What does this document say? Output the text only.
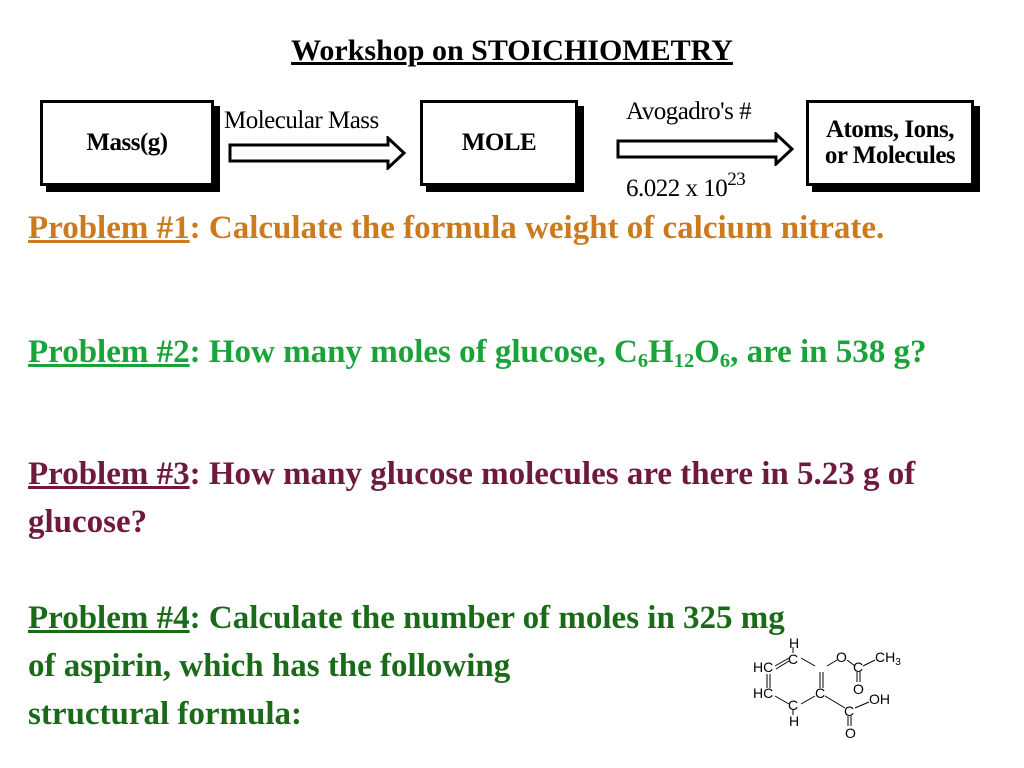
Workshop on STOICHIOMETRY
Mass(g)
Molecular Mass
MOLE
Avogadro's #
6.022 x $10^{23}$
Atoms, Ions,
or Molecules
Problem #1: Calculate the formula weight of calcium nitrate.
Problem #2: How many moles of glucose, $C_6H_{12}O_6$, are in 538 g?
Problem #3: How many glucose molecules are there in 5.23 g of glucose?
Problem #4: Calculate the number of moles in 325 mg
of aspirin, which has the following
structural formula:
H
HC C	O
C
$CH_3$
HC	C O
C
H
C	OH
O
